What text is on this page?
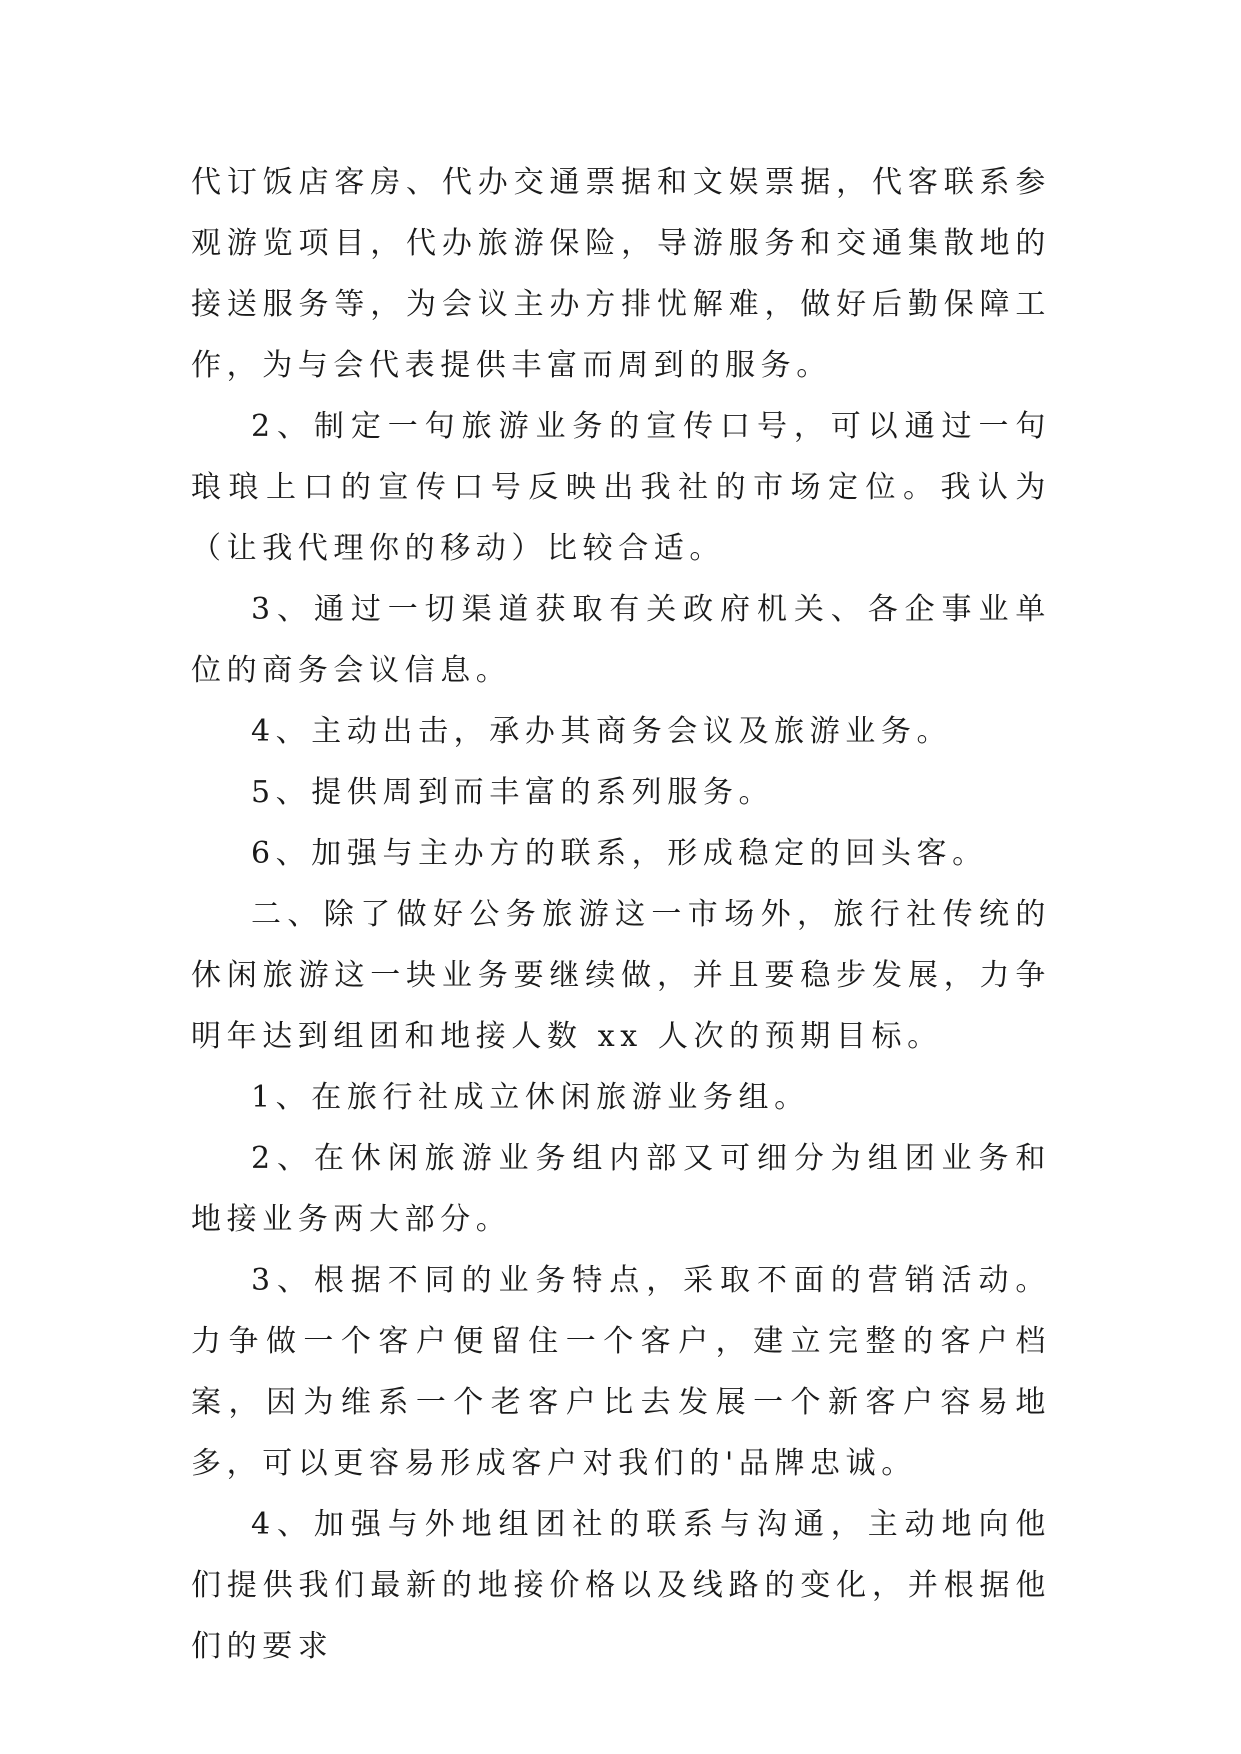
代订饭店客房、代办交通票据和文娱票据，代客联系参观游览项目，代办旅游保险，导游服务和交通集散地的接送服务等，为会议主办方排忧解难，做好后勤保障工作，为与会代表提供丰富而周到的服务。

2、制定一句旅游业务的宣传口号，可以通过一句琅琅上口的宣传口号反映出我社的市场定位。我认为（让我代理你的移动）比较合适。

3、通过一切渠道获取有关政府机关、各企事业单位的商务会议信息。

4、主动出击，承办其商务会议及旅游业务。

5、提供周到而丰富的系列服务。

6、加强与主办方的联系，形成稳定的回头客。

二、除了做好公务旅游这一市场外，旅行社传统的休闲旅游这一块业务要继续做，并且要稳步发展，力争明年达到组团和地接人数 xx 人次的预期目标。

1、在旅行社成立休闲旅游业务组。

2、在休闲旅游业务组内部又可细分为组团业务和地接业务两大部分。

3、根据不同的业务特点，采取不面的营销活动。力争做一个客户便留住一个客户，建立完整的客户档案，因为维系一个老客户比去发展一个新客户容易地多，可以更容易形成客户对我们的'品牌忠诚。

4、加强与外地组团社的联系与沟通，主动地向他们提供我们最新的地接价格以及线路的变化，并根据他们的要求
